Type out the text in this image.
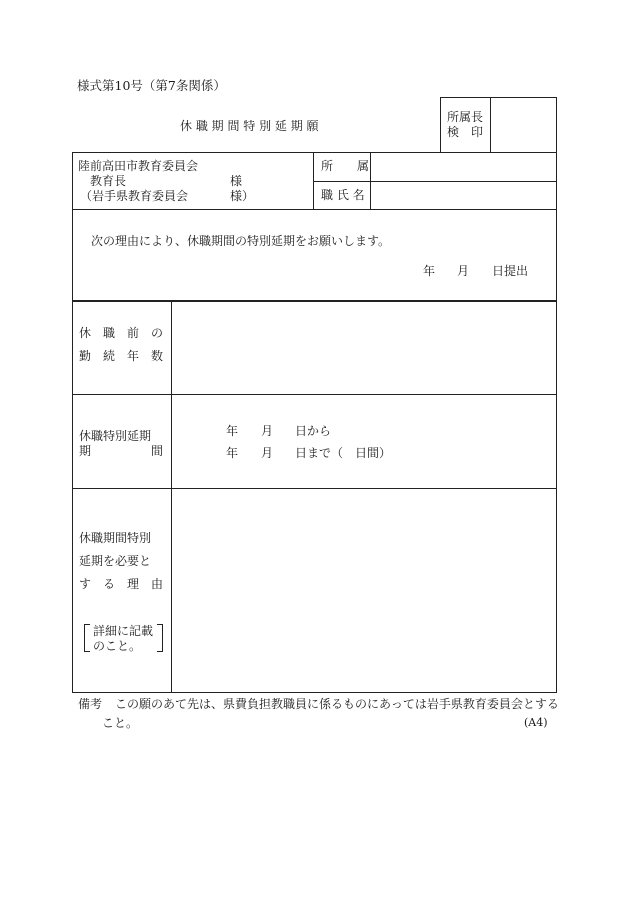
様式第10号（第7条関係）
休 職 期 間 特 別 延 期 願
所属長
検　印
陸前高田市教育委員会
教育長	様
（岩手県教育委員会	様）
所　　属
職 氏 名
次の理由により、休職期間の特別延期をお願いします。
年 月 日提出
休　職　前　の
勤　続　年　数
休職特別延期
期　　　　　間
年 月 日から
年 月 日まで（　日間）
休職期間特別
延期を必要と
す　る　理　由
詳細に記載
のこと。
備考 この願のあて先は、県費負担教職員に係るものにあっては岩手県教育委員会とする
こと。	(A4)
